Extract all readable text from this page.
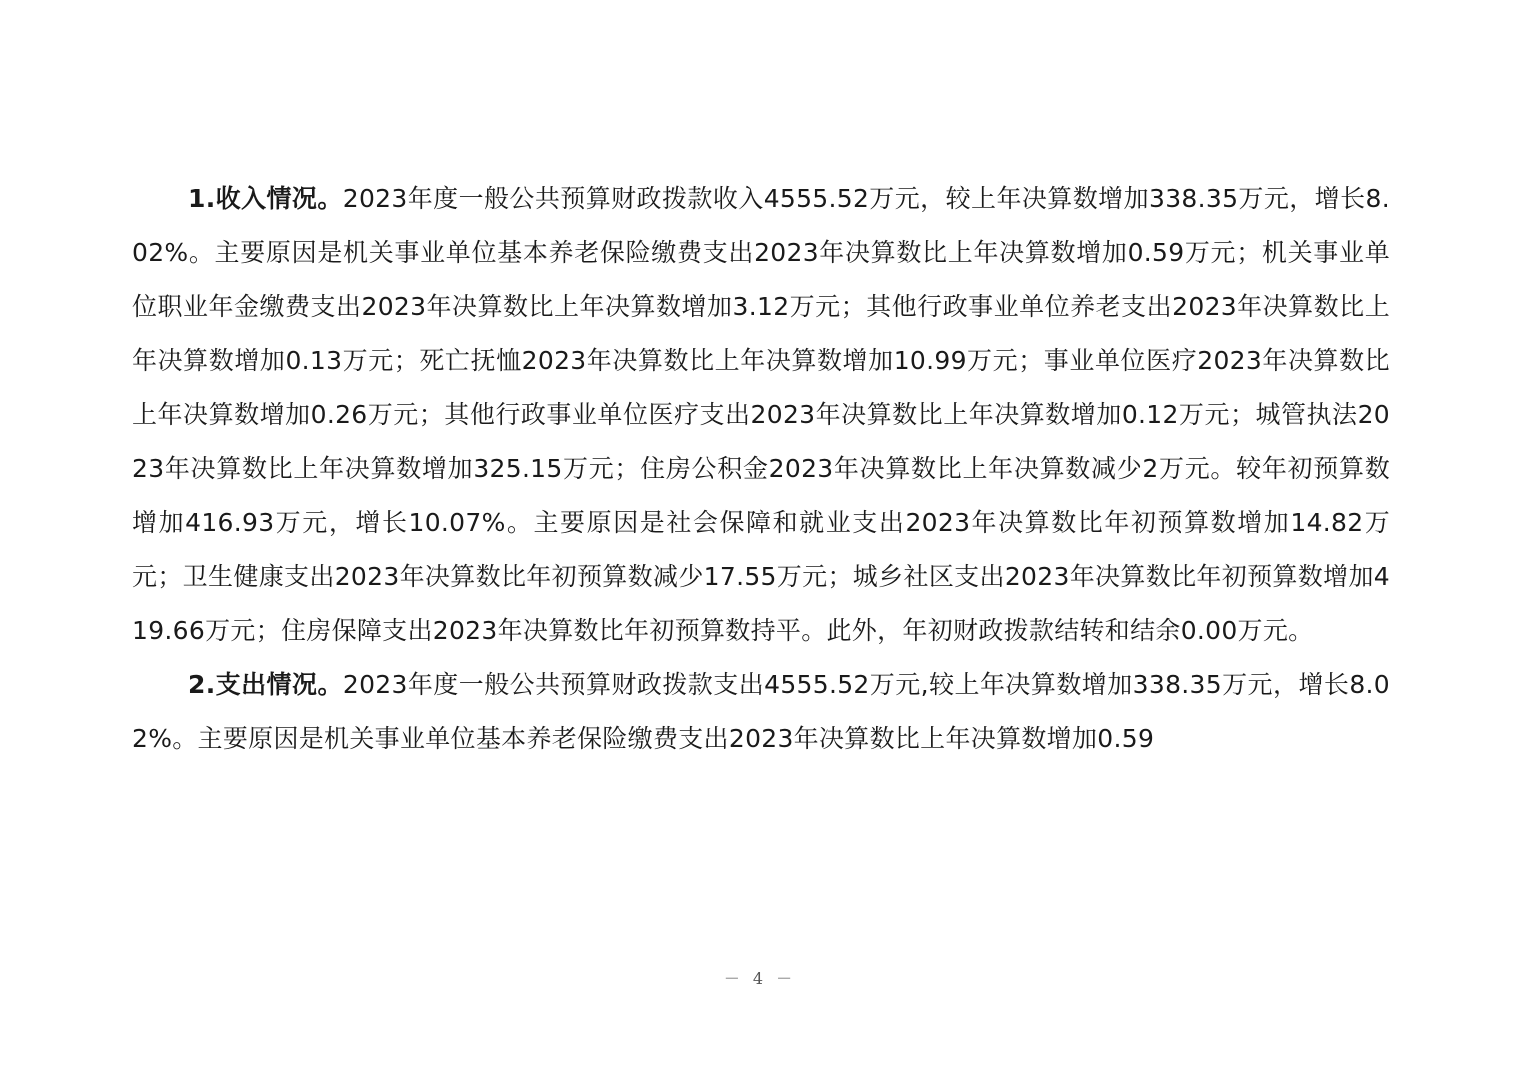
1.收入情况。2023年度一般公共预算财政拨款收入4555.52万元，较上年决算数增加338.35万元，增长8.02%。主要原因是机关事业单位基本养老保险缴费支出2023年决算数比上年决算数增加0.59万元；机关事业单位职业年金缴费支出2023年决算数比上年决算数增加3.12万元；其他行政事业单位养老支出2023年决算数比上年决算数增加0.13万元；死亡抚恤2023年决算数比上年决算数增加10.99万元；事业单位医疗2023年决算数比上年决算数增加0.26万元；其他行政事业单位医疗支出2023年决算数比上年决算数增加0.12万元；城管执法2023年决算数比上年决算数增加325.15万元；住房公积金2023年决算数比上年决算数减少2万元。较年初预算数增加416.93万元，增长10.07%。主要原因是社会保障和就业支出2023年决算数比年初预算数增加14.82万元；卫生健康支出2023年决算数比年初预算数减少17.55万元；城乡社区支出2023年决算数比年初预算数增加419.66万元；住房保障支出2023年决算数比年初预算数持平。此外，年初财政拨款结转和结余0.00万元。

2.支出情况。2023年度一般公共预算财政拨款支出4555.52万元,较上年决算数增加338.35万元，增长8.02%。主要原因是机关事业单位基本养老保险缴费支出2023年决算数比上年决算数增加0.59

－ 4 －
